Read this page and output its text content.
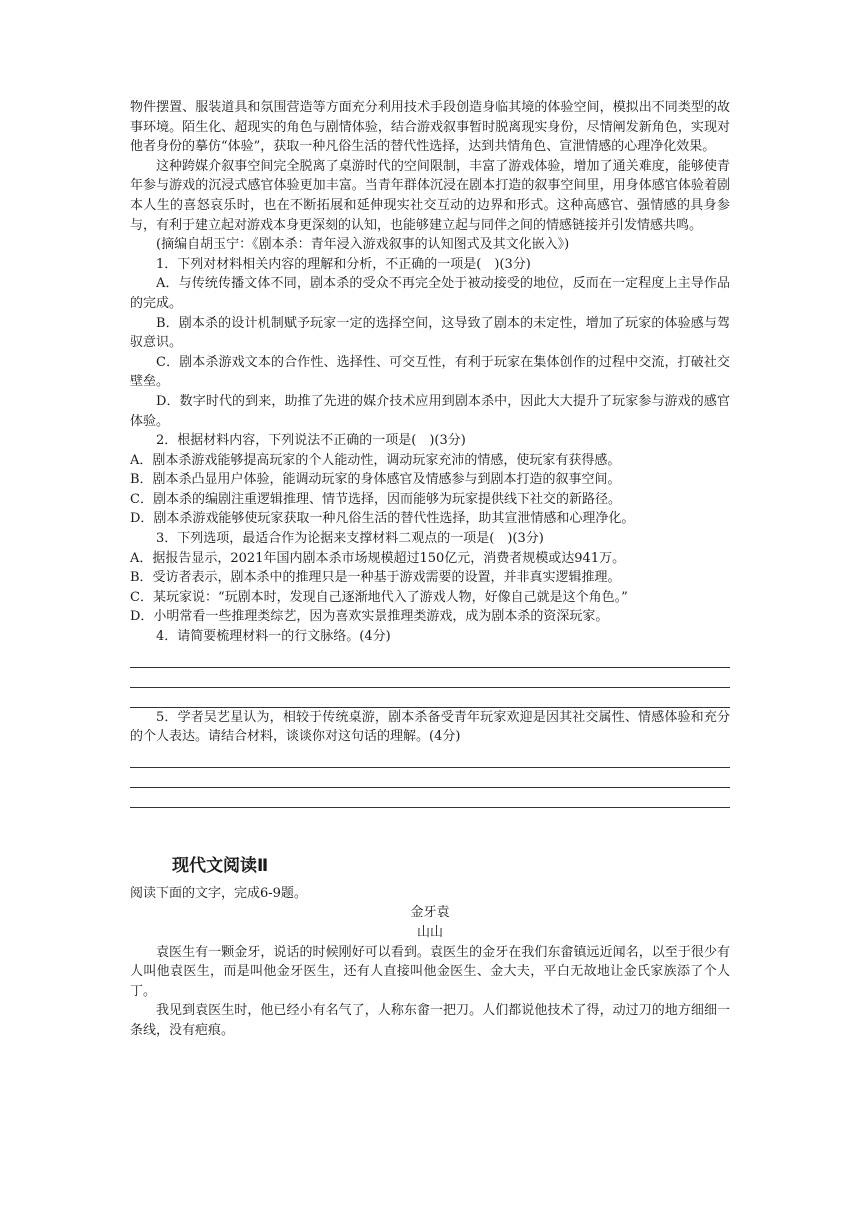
物件摆置、服装道具和氛围营造等方面充分利用技术手段创造身临其境的体验空间，模拟出不同类型的故事环境。陌生化、超现实的角色与剧情体验，结合游戏叙事暂时脱离现实身份，尽情阐发新角色，实现对他者身份的摹仿“体验”，获取一种凡俗生活的替代性选择，达到共情角色、宣泄情感的心理净化效果。

这种跨媒介叙事空间完全脱离了桌游时代的空间限制，丰富了游戏体验，增加了通关难度，能够使青年参与游戏的沉浸式感官体验更加丰富。当青年群体沉浸在剧本打造的叙事空间里，用身体感官体验着剧本人生的喜怒哀乐时，也在不断拓展和延伸现实社交互动的边界和形式。这种高感官、强情感的具身参与，有利于建立起对游戏本身更深刻的认知，也能够建立起与同伴之间的情感链接并引发情感共鸣。

(摘编自胡玉宁：《剧本杀：青年浸入游戏叙事的认知图式及其文化嵌入》)

1．下列对材料相关内容的理解和分析，不正确的一项是(　)(3分)

A．与传统传播文体不同，剧本杀的受众不再完全处于被动接受的地位，反而在一定程度上主导作品的完成。

B．剧本杀的设计机制赋予玩家一定的选择空间，这导致了剧本的未定性，增加了玩家的体验感与驾驭意识。

C．剧本杀游戏文本的合作性、选择性、可交互性，有利于玩家在集体创作的过程中交流，打破社交壁垒。

D．数字时代的到来，助推了先进的媒介技术应用到剧本杀中，因此大大提升了玩家参与游戏的感官体验。

2．根据材料内容，下列说法不正确的一项是(　)(3分)

A．剧本杀游戏能够提高玩家的个人能动性，调动玩家充沛的情感，使玩家有获得感。

B．剧本杀凸显用户体验，能调动玩家的身体感官及情感参与到剧本打造的叙事空间。

C．剧本杀的编剧注重逻辑推理、情节选择，因而能够为玩家提供线下社交的新路径。

D．剧本杀游戏能够使玩家获取一种凡俗生活的替代性选择，助其宣泄情感和心理净化。

3．下列选项，最适合作为论据来支撑材料二观点的一项是(　)(3分)

A．据报告显示，2021年国内剧本杀市场规模超过150亿元，消费者规模或达941万。

B．受访者表示，剧本杀中的推理只是一种基于游戏需要的设置，并非真实逻辑推理。

C．某玩家说：“玩剧本时，发现自己逐渐地代入了游戏人物，好像自己就是这个角色。”

D．小明常看一些推理类综艺，因为喜欢实景推理类游戏，成为剧本杀的资深玩家。

4．请简要梳理材料一的行文脉络。(4分)

5．学者吴艺星认为，相较于传统桌游，剧本杀备受青年玩家欢迎是因其社交属性、情感体验和充分的个人表达。请结合材料，谈谈你对这句话的理解。(4分)

现代文阅读Ⅱ

阅读下面的文字，完成6-9题。

金牙袁

山山

袁医生有一颗金牙，说话的时候刚好可以看到。袁医生的金牙在我们东畲镇远近闻名，以至于很少有人叫他袁医生，而是叫他金牙医生，还有人直接叫他金医生、金大夫，平白无故地让金氏家族添了个人丁。

我见到袁医生时，他已经小有名气了，人称东畲一把刀。人们都说他技术了得，动过刀的地方细细一条线，没有疤痕。
